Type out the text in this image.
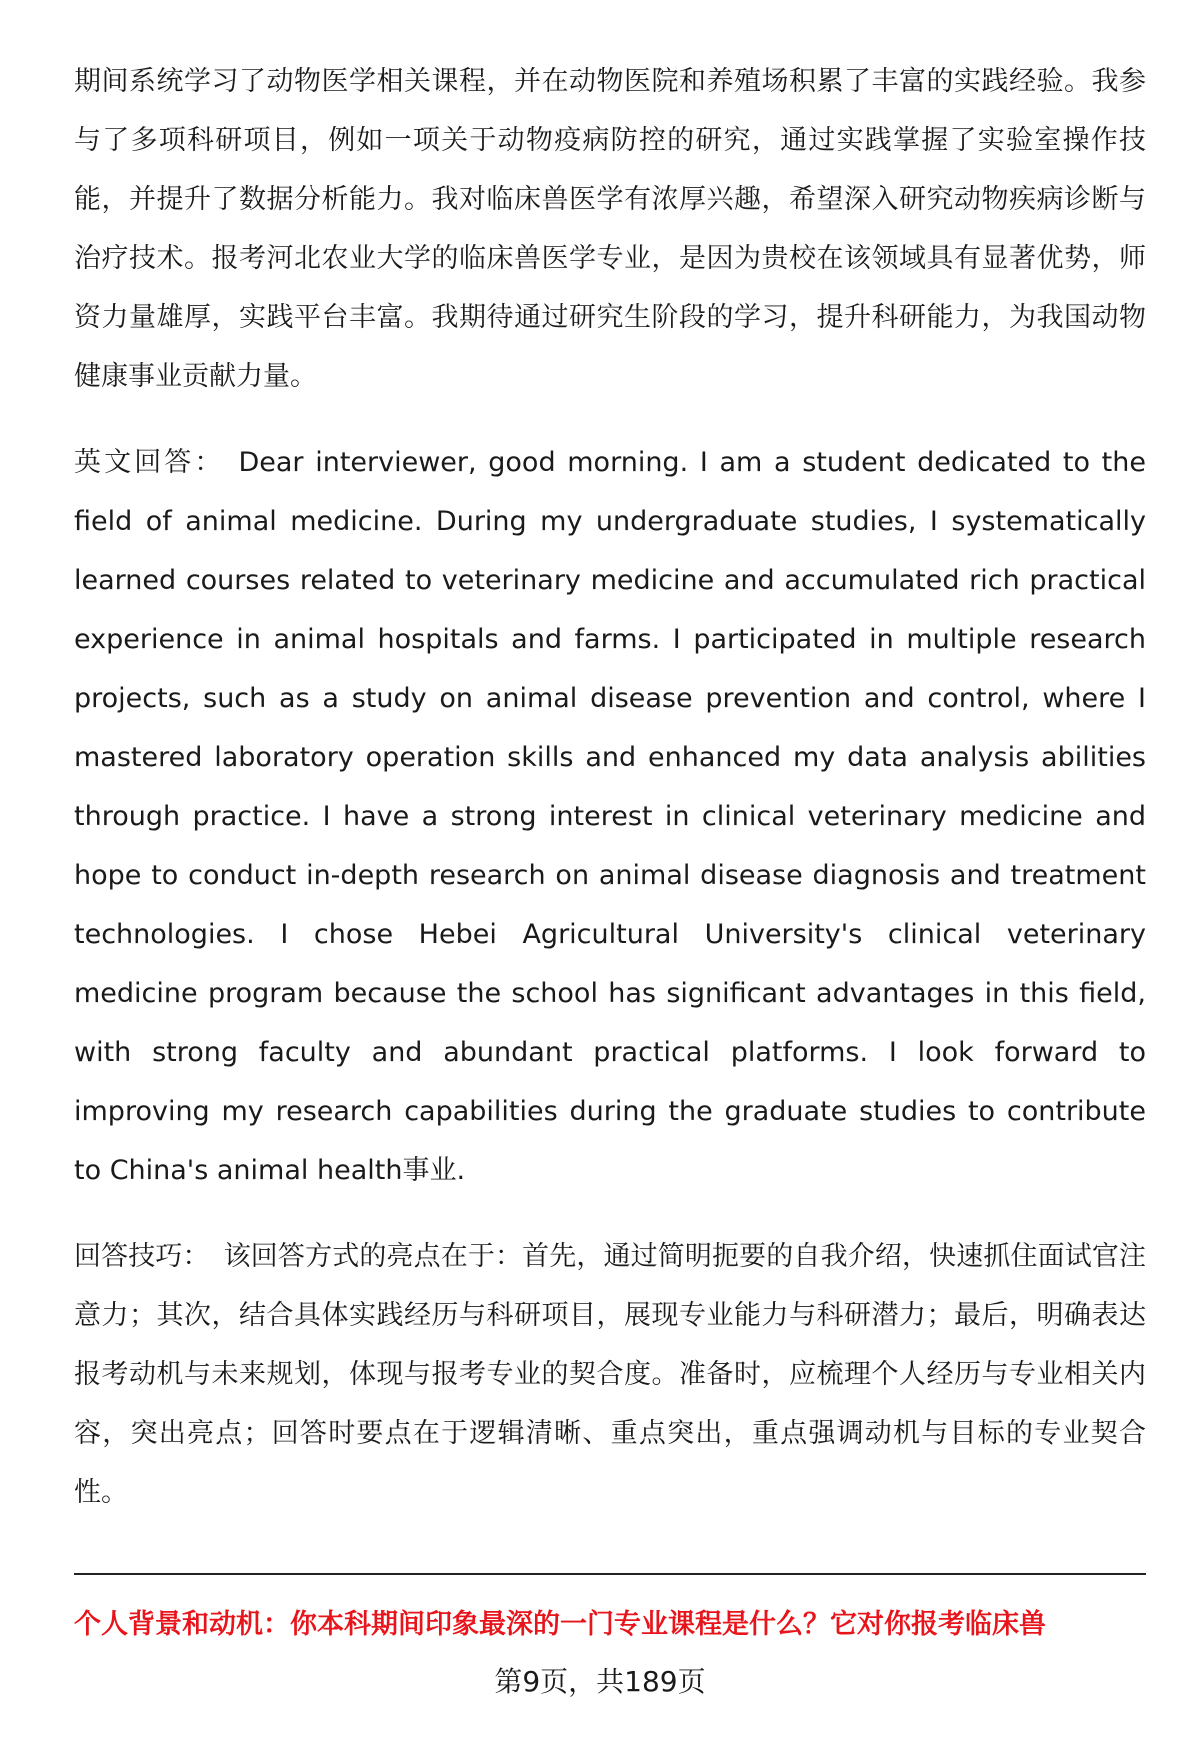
期间系统学习了动物医学相关课程，并在动物医院和养殖场积累了丰富的实践经验。我参与了多项科研项目，例如一项关于动物疫病防控的研究，通过实践掌握了实验室操作技能，并提升了数据分析能力。我对临床兽医学有浓厚兴趣，希望深入研究动物疾病诊断与治疗技术。报考河北农业大学的临床兽医学专业，是因为贵校在该领域具有显著优势，师资力量雄厚，实践平台丰富。我期待通过研究生阶段的学习，提升科研能力，为我国动物健康事业贡献力量。

英文回答： Dear interviewer, good morning. I am a student dedicated to the field of animal medicine. During my undergraduate studies, I systematically learned courses related to veterinary medicine and accumulated rich practical experience in animal hospitals and farms. I participated in multiple research projects, such as a study on animal disease prevention and control, where I mastered laboratory operation skills and enhanced my data analysis abilities through practice. I have a strong interest in clinical veterinary medicine and hope to conduct in-depth research on animal disease diagnosis and treatment technologies. I chose Hebei Agricultural University's clinical veterinary medicine program because the school has significant advantages in this field, with strong faculty and abundant practical platforms. I look forward to improving my research capabilities during the graduate studies to contribute to China's animal health事业.

回答技巧： 该回答方式的亮点在于：首先，通过简明扼要的自我介绍，快速抓住面试官注意力；其次，结合具体实践经历与科研项目，展现专业能力与科研潜力；最后，明确表达报考动机与未来规划，体现与报考专业的契合度。准备时，应梳理个人经历与专业相关内容，突出亮点；回答时要点在于逻辑清晰、重点突出，重点强调动机与目标的专业契合性。

个人背景和动机：你本科期间印象最深的一门专业课程是什么？它对你报考临床兽
第9页，共189页
